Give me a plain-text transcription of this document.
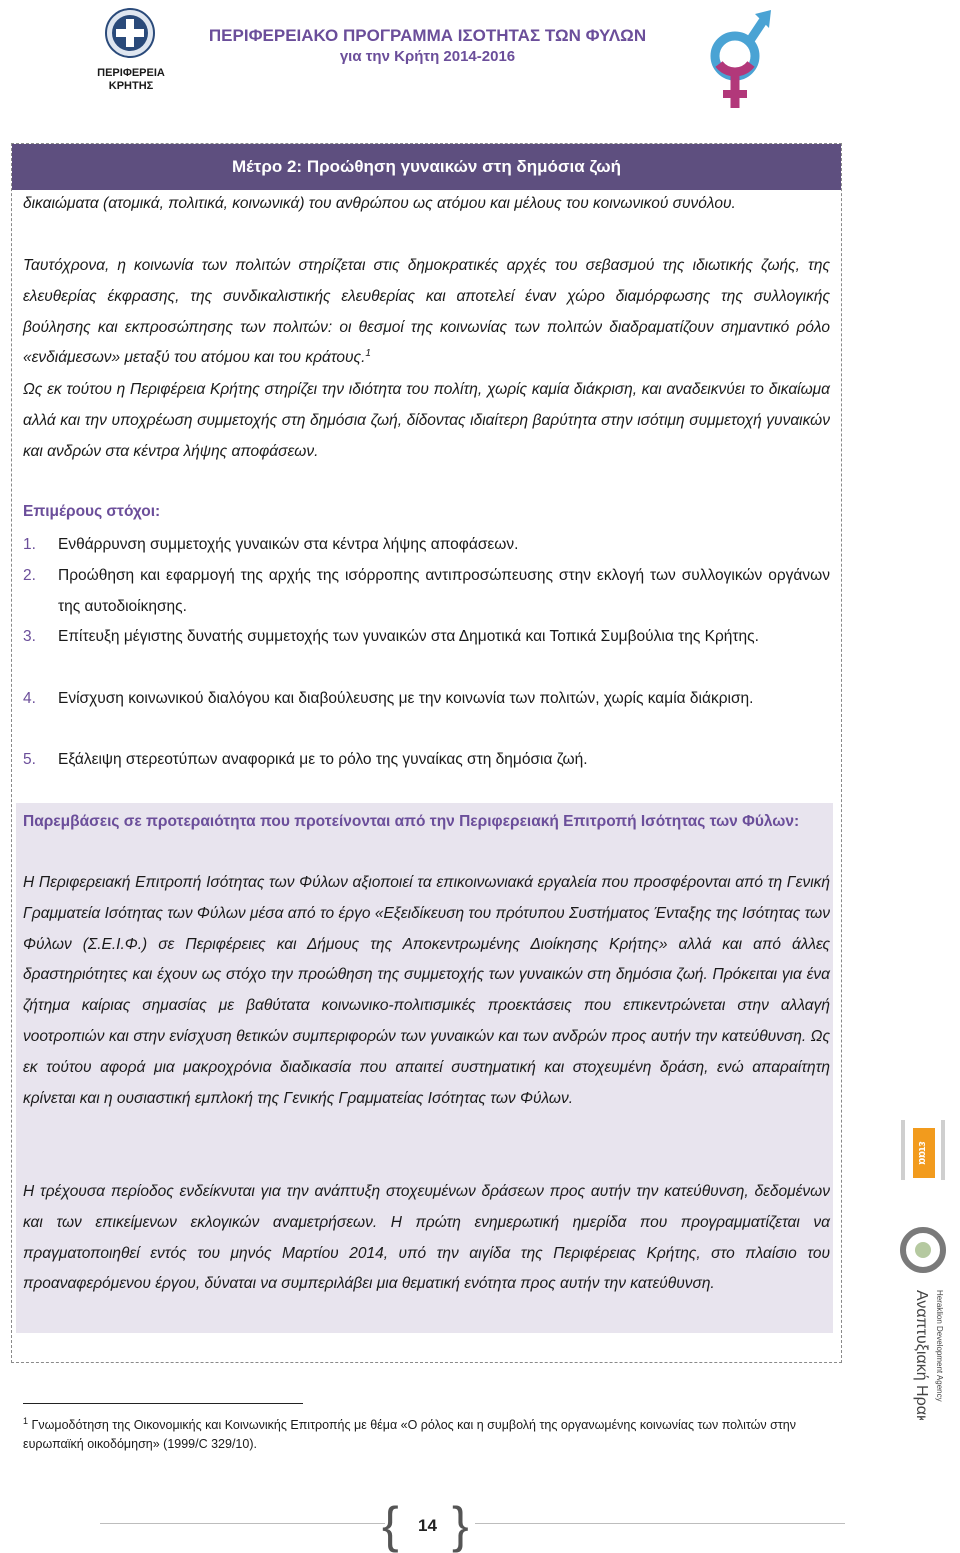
ΠΕΡΙΦΕΡΕΙΑ
ΚΡΗΤΗΣ
ΠΕΡΙΦΕΡΕΙΑΚΟ ΠΡΟΓΡΑΜΜΑ ΙΣΟΤΗΤΑΣ ΤΩΝ ΦΥΛΩΝ
για την Κρήτη 2014-2016
Μέτρο 2: Προώθηση γυναικών στη δημόσια ζωή
δικαιώματα (ατομικά, πολιτικά, κοινωνικά) του ανθρώπου ως ατόμου και μέλους του κοινωνικού συνόλου.
Ταυτόχρονα, η κοινωνία των πολιτών στηρίζεται στις δημοκρατικές αρχές του σεβασμού της ιδιωτικής ζωής, της ελευθερίας έκφρασης, της συνδικαλιστικής ελευθερίας και αποτελεί έναν χώρο διαμόρφωσης της συλλογικής βούλησης και εκπροσώπησης των πολιτών: οι θεσμοί της κοινωνίας των πολιτών διαδραματίζουν σημαντικό ρόλο «ενδιάμεσων» μεταξύ του ατόμου και του κράτους.$^1$
Ως εκ τούτου η Περιφέρεια Κρήτης στηρίζει την ιδιότητα του πολίτη, χωρίς καμία διάκριση, και αναδεικνύει το δικαίωμα αλλά και την υποχρέωση συμμετοχής στη δημόσια ζωή, δίδοντας ιδιαίτερη βαρύτητα στην ισότιμη συμμετοχή γυναικών και ανδρών στα κέντρα λήψης αποφάσεων.
Επιμέρους στόχοι:
1. Ενθάρρυνση συμμετοχής γυναικών στα κέντρα λήψης αποφάσεων.
2. Προώθηση και εφαρμογή της αρχής της ισόρροπης αντιπροσώπευσης στην εκλογή των συλλογικών οργάνων της αυτοδιοίκησης.
3. Επίτευξη μέγιστης δυνατής συμμετοχής των γυναικών στα Δημοτικά και Τοπικά Συμβούλια της Κρήτης.
4. Ενίσχυση κοινωνικού διαλόγου και διαβούλευσης με την κοινωνία των πολιτών, χωρίς καμία διάκριση.
5. Εξάλειψη στερεοτύπων αναφορικά με το ρόλο της γυναίκας στη δημόσια ζωή.
Παρεμβάσεις σε προτεραιότητα που προτείνονται από την Περιφερειακή Επιτροπή Ισότητας των Φύλων:
Η Περιφερειακή Επιτροπή Ισότητας των Φύλων αξιοποιεί τα επικοινωνιακά εργαλεία που προσφέρονται από τη Γενική Γραμματεία Ισότητας των Φύλων μέσα από το έργο «Εξειδίκευση του πρότυπου Συστήματος Ένταξης της Ισότητας των Φύλων (Σ.Ε.Ι.Φ.) σε Περιφέρειες και Δήμους της Αποκεντρωμένης Διοίκησης Κρήτης» αλλά και από άλλες δραστηριότητες και έχουν ως στόχο την προώθηση της συμμετοχής των γυναικών στη δημόσια ζωή. Πρόκειται για ένα ζήτημα καίριας σημασίας με βαθύτατα κοινωνικο-πολιτισμικές προεκτάσεις που επικεντρώνεται στην αλλαγή νοοτροπιών και στην ενίσχυση θετικών συμπεριφορών των γυναικών και των ανδρών προς αυτήν την κατεύθυνση. Ως εκ τούτου αφορά μια μακροχρόνια διαδικασία που απαιτεί συστηματική και στοχευμένη δράση, ενώ απαραίτητη κρίνεται και η ουσιαστική εμπλοκή της Γενικής Γραμματείας Ισότητας των Φύλων.
Η τρέχουσα περίοδος ενδείκνυται για την ανάπτυξη στοχευμένων δράσεων προς αυτήν την κατεύθυνση, δεδομένων και των επικείμενων εκλογικών αναμετρήσεων. Η πρώτη ενημερωτική ημερίδα που προγραμματίζεται να πραγματοποιηθεί εντός του μηνός Μαρτίου 2014, υπό την αιγίδα της Περιφέρειας Κρήτης, στο πλαίσιο του προαναφερόμενου έργου, δύναται να συμπεριλάβει μια θεματική ενότητα προς αυτήν την κατεύθυνση.
$^1$ Γνωμοδότηση της Οικονομικής και Κοινωνικής Επιτροπής με θέμα «Ο ρόλος και η συμβολή της οργανωμένης κοινωνίας των πολιτών στην ευρωπαϊκή οικοδόμηση» (1999/C 329/10).
{ }
14
εταα
Αναπτυξιακή Ηρακλείου Heraklion Development Agency
